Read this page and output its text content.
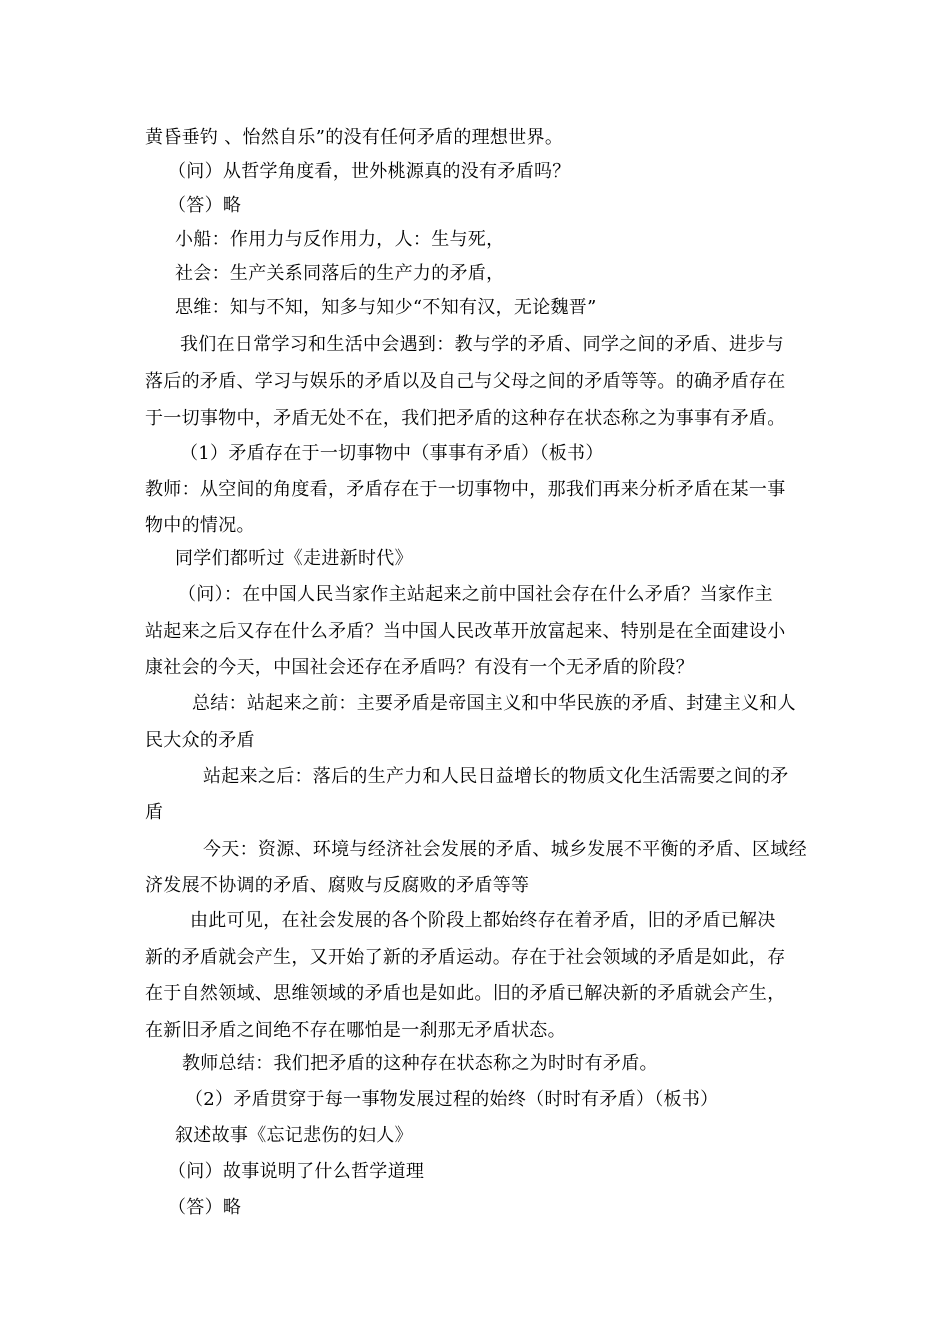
黄昏垂钓 、怡然自乐”的没有任何矛盾的理想世界。
（问）从哲学角度看，世外桃源真的没有矛盾吗？
（答）略
小船：作用力与反作用力，人：生与死，
社会：生产关系同落后的生产力的矛盾，
思维：知与不知，知多与知少“不知有汉，无论魏晋”
我们在日常学习和生活中会遇到：教与学的矛盾、同学之间的矛盾、进步与
落后的矛盾、学习与娱乐的矛盾以及自己与父母之间的矛盾等等。的确矛盾存在
于一切事物中，矛盾无处不在，我们把矛盾的这种存在状态称之为事事有矛盾。
（1）矛盾存在于一切事物中（事事有矛盾）（板书）
教师：从空间的角度看，矛盾存在于一切事物中，那我们再来分析矛盾在某一事
物中的情况。
同学们都听过《走进新时代》
（问）：在中国人民当家作主站起来之前中国社会存在什么矛盾？当家作主
站起来之后又存在什么矛盾？当中国人民改革开放富起来、特别是在全面建设小
康社会的今天，中国社会还存在矛盾吗？有没有一个无矛盾的阶段？
总结：站起来之前：主要矛盾是帝国主义和中华民族的矛盾、封建主义和人
民大众的矛盾
站起来之后：落后的生产力和人民日益增长的物质文化生活需要之间的矛
盾
今天：资源、环境与经济社会发展的矛盾、城乡发展不平衡的矛盾、区域经
济发展不协调的矛盾、腐败与反腐败的矛盾等等
由此可见，在社会发展的各个阶段上都始终存在着矛盾，旧的矛盾已解决
新的矛盾就会产生，又开始了新的矛盾运动。存在于社会领域的矛盾是如此，存
在于自然领域、思维领域的矛盾也是如此。旧的矛盾已解决新的矛盾就会产生，
在新旧矛盾之间绝不存在哪怕是一刹那无矛盾状态。
教师总结：我们把矛盾的这种存在状态称之为时时有矛盾。
（2）矛盾贯穿于每一事物发展过程的始终（时时有矛盾）（板书）
叙述故事《忘记悲伤的妇人》
（问）故事说明了什么哲学道理
（答）略
